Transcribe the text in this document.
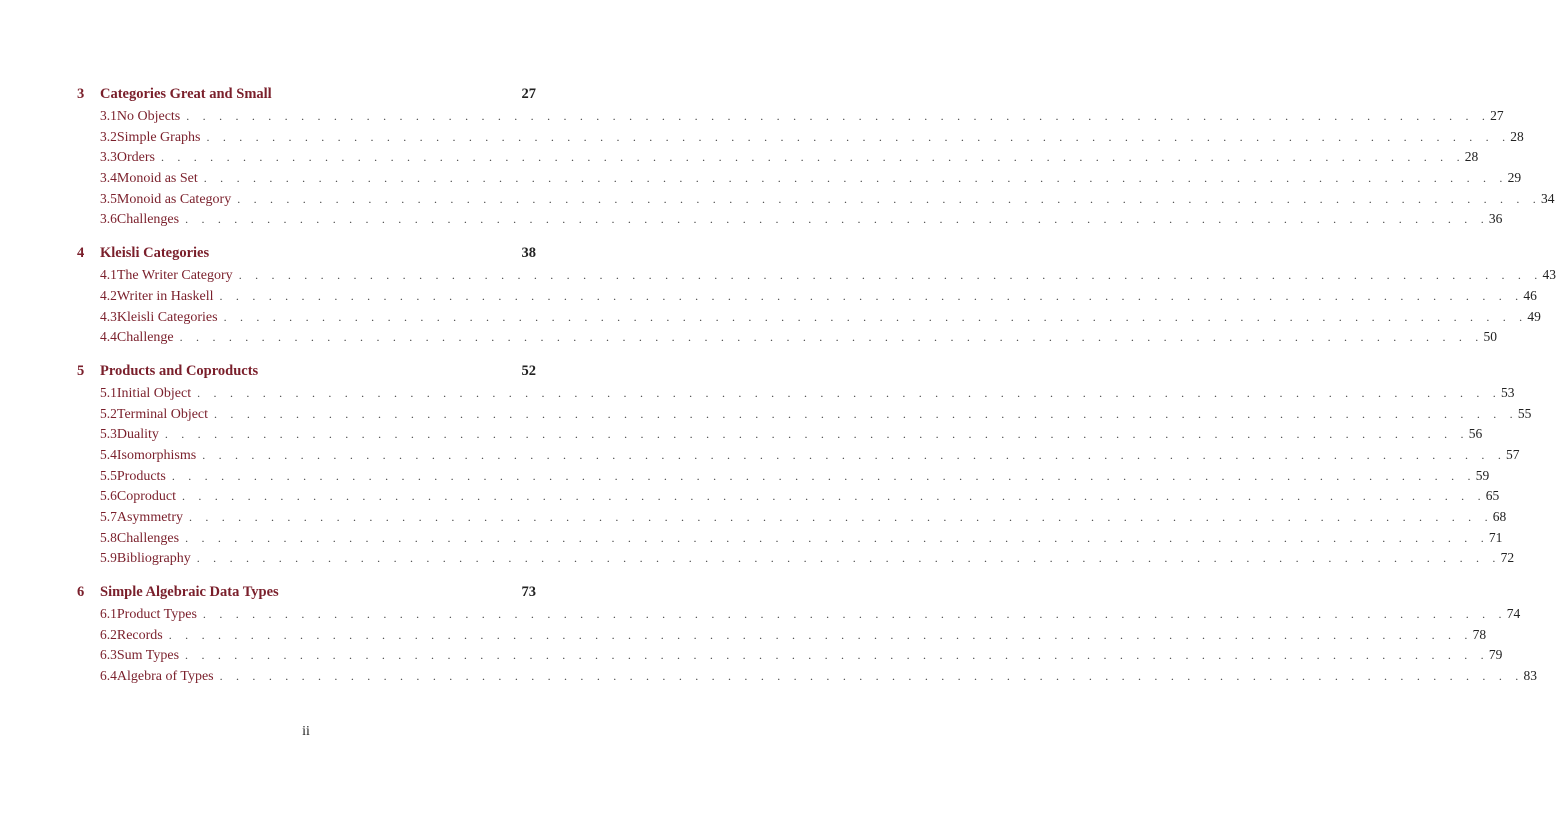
3	Categories Great and Small	27
3.1 No Objects . . . . . . . . . . . . . . . . . . . . . . . . . . . . . . . . . . . . . . . . . . . . . . . . . . . . . . . . . . . . . . . . . . . . . . . . . . . . . . . . 27
3.2 Simple Graphs . . . . . . . . . . . . . . . . . . . . . . . . . . . . . . . . . . . . . . . . . . . . . . . . . . . . . . . . . . . . . . . . . . . . . . . . . . . . . . . . 28
3.3 Orders . . . . . . . . . . . . . . . . . . . . . . . . . . . . . . . . . . . . . . . . . . . . . . . . . . . . . . . . . . . . . . . . . . . . . . . . . . . . . . . . 28
3.4 Monoid as Set . . . . . . . . . . . . . . . . . . . . . . . . . . . . . . . . . . . . . . . . . . . . . . . . . . . . . . . . . . . . . . . . . . . . . . . . . . . . . . . . 29
3.5 Monoid as Category . . . . . . . . . . . . . . . . . . . . . . . . . . . . . . . . . . . . . . . . . . . . . . . . . . . . . . . . . . . . . . . . . . . . . . . . . . . . . . . . 34
3.6 Challenges . . . . . . . . . . . . . . . . . . . . . . . . . . . . . . . . . . . . . . . . . . . . . . . . . . . . . . . . . . . . . . . . . . . . . . . . . . . . . . . . 36
4	Kleisli Categories	38
4.1 The Writer Category . . . . . . . . . . . . . . . . . . . . . . . . . . . . . . . . . . . . . . . . . . . . . . . . . . . . . . . . . . . . . . . . . . . . . . . . . . . . . . . . 43
4.2 Writer in Haskell . . . . . . . . . . . . . . . . . . . . . . . . . . . . . . . . . . . . . . . . . . . . . . . . . . . . . . . . . . . . . . . . . . . . . . . . . . . . . . . . 46
4.3 Kleisli Categories . . . . . . . . . . . . . . . . . . . . . . . . . . . . . . . . . . . . . . . . . . . . . . . . . . . . . . . . . . . . . . . . . . . . . . . . . . . . . . . . 49
4.4 Challenge . . . . . . . . . . . . . . . . . . . . . . . . . . . . . . . . . . . . . . . . . . . . . . . . . . . . . . . . . . . . . . . . . . . . . . . . . . . . . . . . 50
5	Products and Coproducts	52
5.1 Initial Object . . . . . . . . . . . . . . . . . . . . . . . . . . . . . . . . . . . . . . . . . . . . . . . . . . . . . . . . . . . . . . . . . . . . . . . . . . . . . . . . 53
5.2 Terminal Object . . . . . . . . . . . . . . . . . . . . . . . . . . . . . . . . . . . . . . . . . . . . . . . . . . . . . . . . . . . . . . . . . . . . . . . . . . . . . . . . 55
5.3 Duality . . . . . . . . . . . . . . . . . . . . . . . . . . . . . . . . . . . . . . . . . . . . . . . . . . . . . . . . . . . . . . . . . . . . . . . . . . . . . . . . 56
5.4 Isomorphisms . . . . . . . . . . . . . . . . . . . . . . . . . . . . . . . . . . . . . . . . . . . . . . . . . . . . . . . . . . . . . . . . . . . . . . . . . . . . . . . . 57
5.5 Products . . . . . . . . . . . . . . . . . . . . . . . . . . . . . . . . . . . . . . . . . . . . . . . . . . . . . . . . . . . . . . . . . . . . . . . . . . . . . . . . 59
5.6 Coproduct . . . . . . . . . . . . . . . . . . . . . . . . . . . . . . . . . . . . . . . . . . . . . . . . . . . . . . . . . . . . . . . . . . . . . . . . . . . . . . . . 65
5.7 Asymmetry . . . . . . . . . . . . . . . . . . . . . . . . . . . . . . . . . . . . . . . . . . . . . . . . . . . . . . . . . . . . . . . . . . . . . . . . . . . . . . . . 68
5.8 Challenges . . . . . . . . . . . . . . . . . . . . . . . . . . . . . . . . . . . . . . . . . . . . . . . . . . . . . . . . . . . . . . . . . . . . . . . . . . . . . . . . 71
5.9 Bibliography . . . . . . . . . . . . . . . . . . . . . . . . . . . . . . . . . . . . . . . . . . . . . . . . . . . . . . . . . . . . . . . . . . . . . . . . . . . . . . . . 72
6	Simple Algebraic Data Types	73
6.1 Product Types . . . . . . . . . . . . . . . . . . . . . . . . . . . . . . . . . . . . . . . . . . . . . . . . . . . . . . . . . . . . . . . . . . . . . . . . . . . . . . . . 74
6.2 Records . . . . . . . . . . . . . . . . . . . . . . . . . . . . . . . . . . . . . . . . . . . . . . . . . . . . . . . . . . . . . . . . . . . . . . . . . . . . . . . . 78
6.3 Sum Types . . . . . . . . . . . . . . . . . . . . . . . . . . . . . . . . . . . . . . . . . . . . . . . . . . . . . . . . . . . . . . . . . . . . . . . . . . . . . . . . 79
6.4 Algebra of Types . . . . . . . . . . . . . . . . . . . . . . . . . . . . . . . . . . . . . . . . . . . . . . . . . . . . . . . . . . . . . . . . . . . . . . . . . . . . . . . . 83
ii
